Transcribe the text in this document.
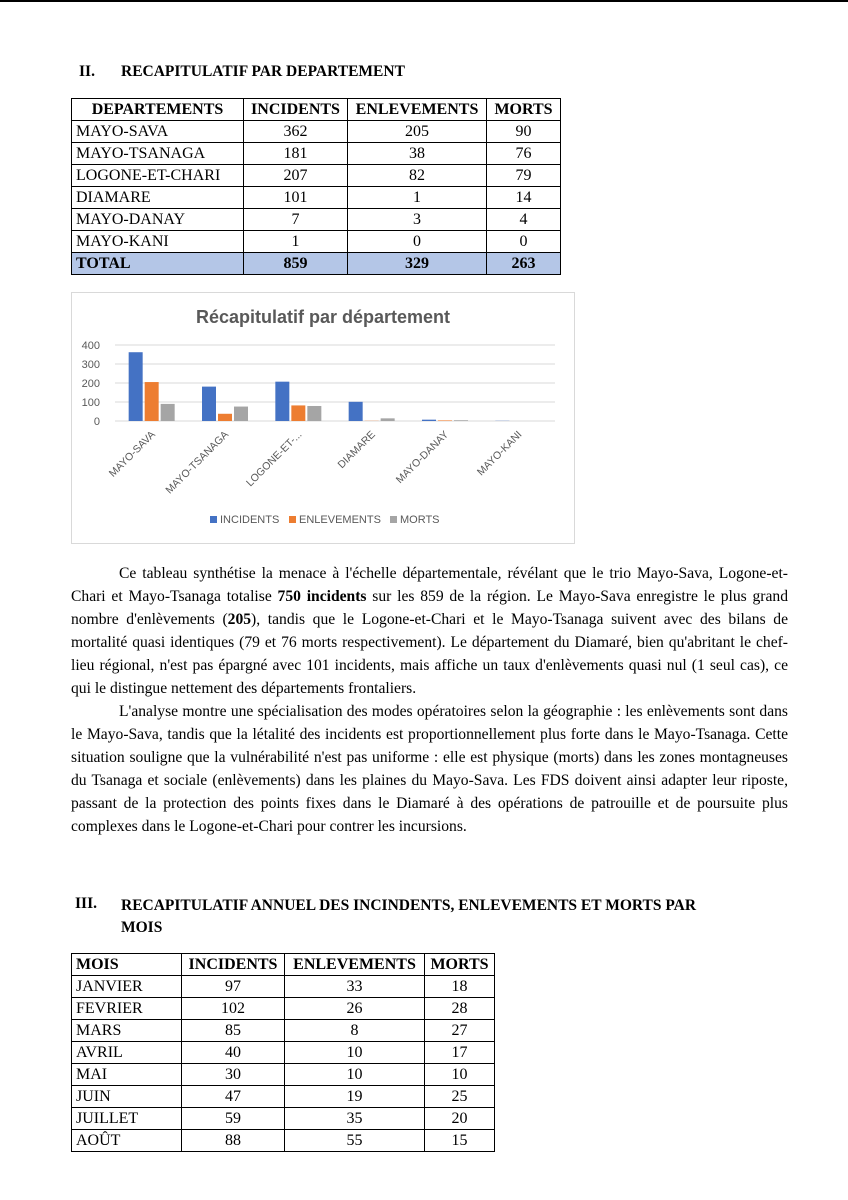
II. RECAPITULATIF PAR DEPARTEMENT
DEPARTEMENTS	INCIDENTS	ENLEVEMENTS	MORTS
MAYO-SAVA	362	205	90
MAYO-TSANAGA	181	38	76
LOGONE-ET-CHARI	207	82	79
DIAMARE	101	1	14
MAYO-DANAY	7	3	4
MAYO-KANI	1	0	0
TOTAL	859	329	263
Récapitulatif par département
0
100
200
300
400
MAYO-SAVA MAYO-TSANAGA LOGONE-ET-...	DIAMARE MAYO-DANAY MAYO-KANI
INCIDENTS ENLEVEMENTS MORTS

Ce tableau synthétise la menace à l'échelle départementale, révélant que le trio Mayo-Sava, Logone-et-Chari et Mayo-Tsanaga totalise 750 incidents sur les 859 de la région. Le Mayo-Sava enregistre le plus grand nombre d'enlèvements (205), tandis que le Logone-et-Chari et le Mayo-Tsanaga suivent avec des bilans de mortalité quasi identiques (79 et 76 morts respectivement). Le département du Diamaré, bien qu'abritant le chef-lieu régional, n'est pas épargné avec 101 incidents, mais affiche un taux d'enlèvements quasi nul (1 seul cas), ce qui le distingue nettement des départements frontaliers.

L'analyse montre une spécialisation des modes opératoires selon la géographie : les enlèvements sont dans le Mayo-Sava, tandis que la létalité des incidents est proportionnellement plus forte dans le Mayo-Tsanaga. Cette situation souligne que la vulnérabilité n'est pas uniforme : elle est physique (morts) dans les zones montagneuses du Tsanaga et sociale (enlèvements) dans les plaines du Mayo-Sava. Les FDS doivent ainsi adapter leur riposte, passant de la protection des points fixes dans le Diamaré à des opérations de patrouille et de poursuite plus complexes dans le Logone-et-Chari pour contrer les incursions.

III. RECAPITULATIF ANNUEL DES INCINDENTS, ENLEVEMENTS ET MORTS PAR
MOIS
MOIS	INCIDENTS	ENLEVEMENTS	MORTS
JANVIER	97	33	18
FEVRIER	102	26	28
MARS	85	8	27
AVRIL	40	10	17
MAI	30	10	10
JUIN	47	19	25
JUILLET	59	35	20
AOÛT	88	55	15
